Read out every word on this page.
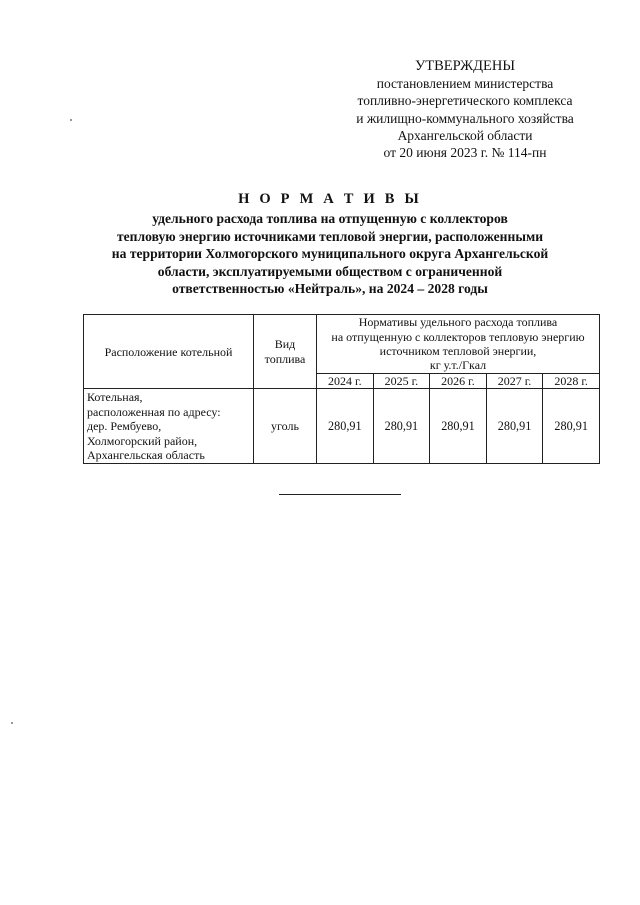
УТВЕРЖДЕНЫ
постановлением министерства
топливно-энергетического комплекса
и жилищно-коммунального хозяйства
Архангельской области
от 20 июня 2023 г. № 114-пн
Н О Р М А Т И В Ы
удельного расхода топлива на отпущенную с коллекторов
тепловую энергию источниками тепловой энергии, расположенными
на территории Холмогорского муниципального округа Архангельской
области, эксплуатируемыми обществом с ограниченной
ответственностью «Нейтраль», на 2024 – 2028 годы
Расположение котельной	Вид топлива	Нормативы удельного расхода топлива
на отпущенную с коллекторов тепловую энергию
источником тепловой энергии,
кг у.т./Гкал				

		2024 г.	2025 г.	2026 г.	2027 г.	2028 г.

Котельная,
расположенная по адресу:
дер. Рембуево,
Холмогорский район,
Архангельская область	уголь	280,91	280,91	280,91	280,91	280,91
